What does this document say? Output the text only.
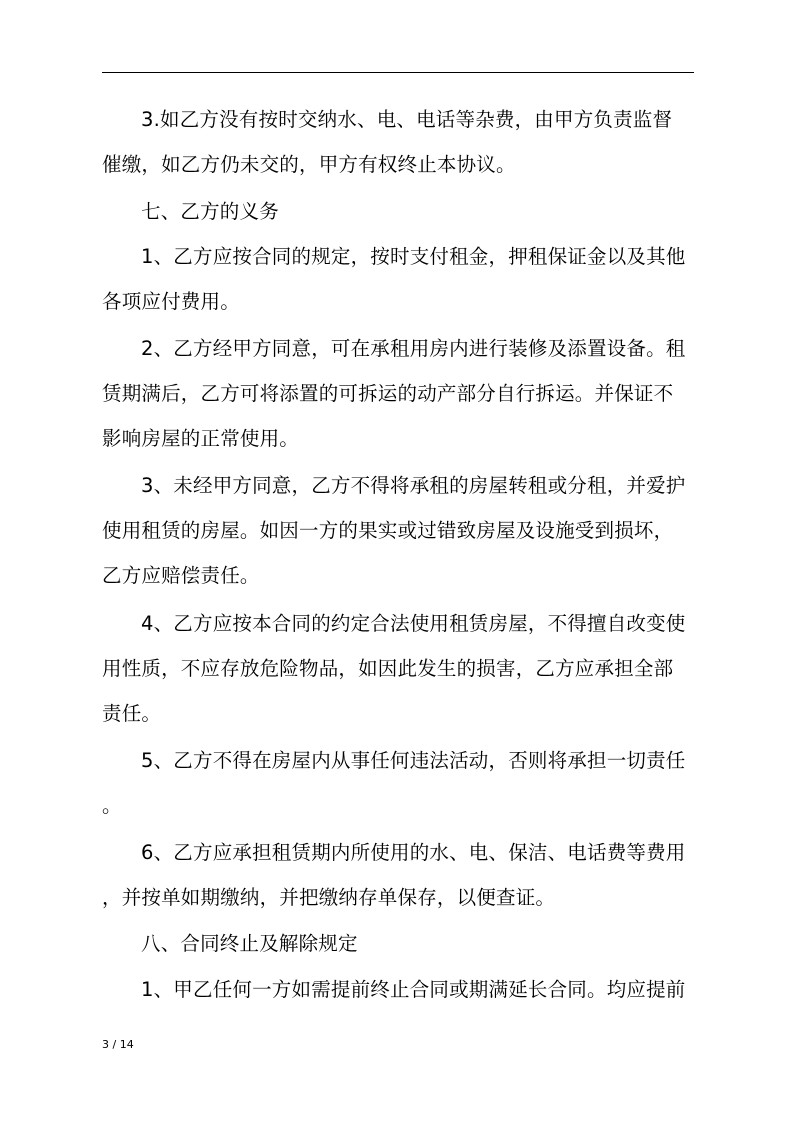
3.如乙方没有按时交纳水、电、电话等杂费，由甲方负责监督
催缴，如乙方仍未交的，甲方有权终止本协议。
七、乙方的义务
1、乙方应按合同的规定，按时支付租金，押租保证金以及其他
各项应付费用。
2、乙方经甲方同意，可在承租用房内进行装修及添置设备。租
赁期满后，乙方可将添置的可拆运的动产部分自行拆运。并保证不
影响房屋的正常使用。
3、未经甲方同意，乙方不得将承租的房屋转租或分租，并爱护
使用租赁的房屋。如因一方的果实或过错致房屋及设施受到损坏，
乙方应赔偿责任。
4、乙方应按本合同的约定合法使用租赁房屋，不得擅自改变使
用性质，不应存放危险物品，如因此发生的损害，乙方应承担全部
责任。
5、乙方不得在房屋内从事任何违法活动，否则将承担一切责任
。
6、乙方应承担租赁期内所使用的水、电、保洁、电话费等费用
，并按单如期缴纳，并把缴纳存单保存，以便查证。
八、合同终止及解除规定
1、甲乙任何一方如需提前终止合同或期满延长合同。均应提前
3 / 14
